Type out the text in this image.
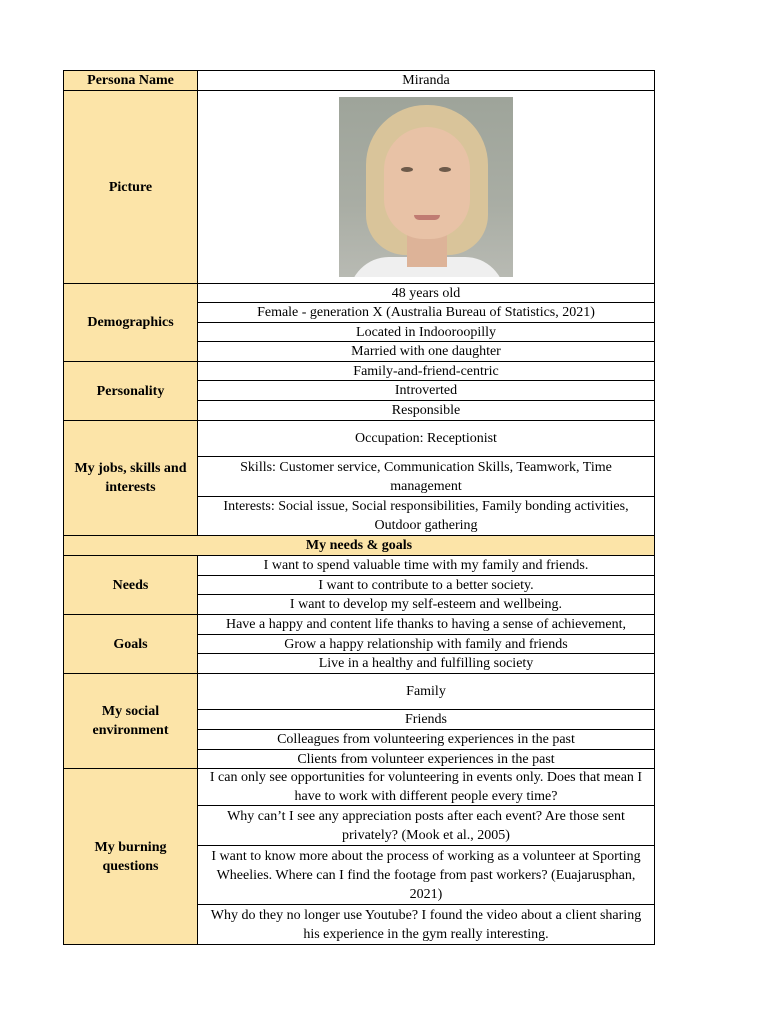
Persona Name	Miranda
Picture
Demographics
48 years old
Female - generation X (Australia Bureau of Statistics, 2021)
Located in Indooroopilly
Married with one daughter
Personality
Family-and-friend-centric
Introverted
Responsible
My jobs, skills and interests
Occupation: Receptionist
Skills: Customer service, Communication Skills, Teamwork, Time management
Interests: Social issue, Social responsibilities, Family bonding activities, Outdoor gathering
My needs & goals
Needs
I want to spend valuable time with my family and friends.
I want to contribute to a better society.
I want to develop my self-esteem and wellbeing.
Goals
Have a happy and content life thanks to having a sense of achievement,
Grow a happy relationship with family and friends
Live in a healthy and fulfilling society
My social environment
Family
Friends
Colleagues from volunteering experiences in the past
Clients from volunteer experiences in the past
My burning questions
I can only see opportunities for volunteering in events only. Does that mean I have to work with different people every time?
Why can’t I see any appreciation posts after each event? Are those sent privately? (Mook et al., 2005)
I want to know more about the process of working as a volunteer at Sporting Wheelies. Where can I find the footage from past workers? (Euajarusphan, 2021)
Why do they no longer use Youtube? I found the video about a client sharing his experience in the gym really interesting.
